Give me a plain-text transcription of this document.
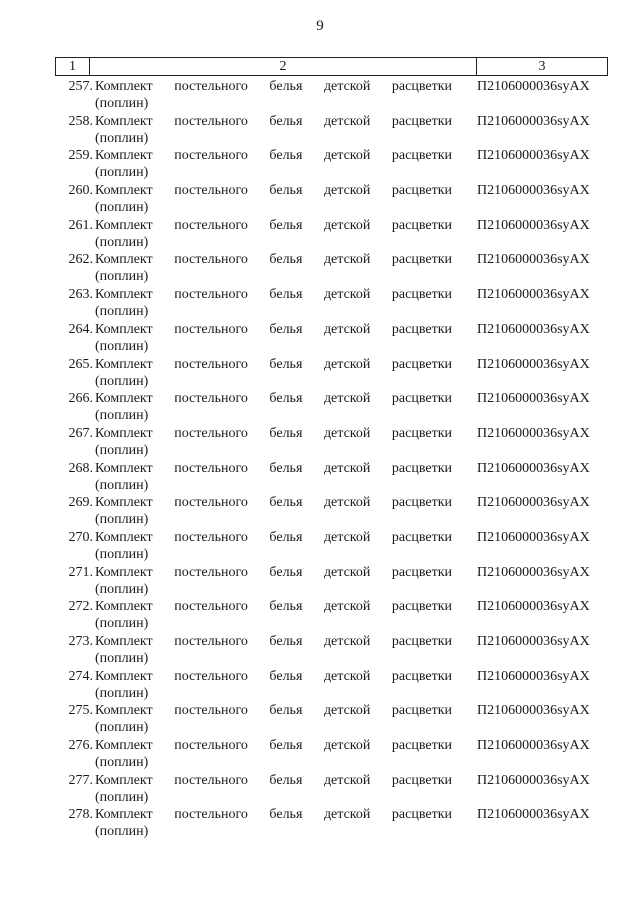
9
1	2	3
257. Комплект постельного белья детской расцветки
(поплин)
П2106000036syAX
258. Комплект постельного белья детской расцветки
(поплин)
П2106000036syAX
259. Комплект постельного белья детской расцветки
(поплин)
П2106000036syAX
260. Комплект постельного белья детской расцветки
(поплин)
П2106000036syAX
261. Комплект постельного белья детской расцветки
(поплин)
П2106000036syAX
262. Комплект постельного белья детской расцветки
(поплин)
П2106000036syAX
263. Комплект постельного белья детской расцветки
(поплин)
П2106000036syAX
264. Комплект постельного белья детской расцветки
(поплин)
П2106000036syAX
265. Комплект постельного белья детской расцветки
(поплин)
П2106000036syAX
266. Комплект постельного белья детской расцветки
(поплин)
П2106000036syAX
267. Комплект постельного белья детской расцветки
(поплин)
П2106000036syAX
268. Комплект постельного белья детской расцветки
(поплин)
П2106000036syAX
269. Комплект постельного белья детской расцветки
(поплин)
П2106000036syAX
270. Комплект постельного белья детской расцветки
(поплин)
П2106000036syAX
271. Комплект постельного белья детской расцветки
(поплин)
П2106000036syAX
272. Комплект постельного белья детской расцветки
(поплин)
П2106000036syAX
273. Комплект постельного белья детской расцветки
(поплин)
П2106000036syAX
274. Комплект постельного белья детской расцветки
(поплин)
П2106000036syAX
275. Комплект постельного белья детской расцветки
(поплин)
П2106000036syAX
276. Комплект постельного белья детской расцветки
(поплин)
П2106000036syAX
277. Комплект постельного белья детской расцветки
(поплин)
П2106000036syAX
278. Комплект постельного белья детской расцветки
(поплин)
П2106000036syAX
